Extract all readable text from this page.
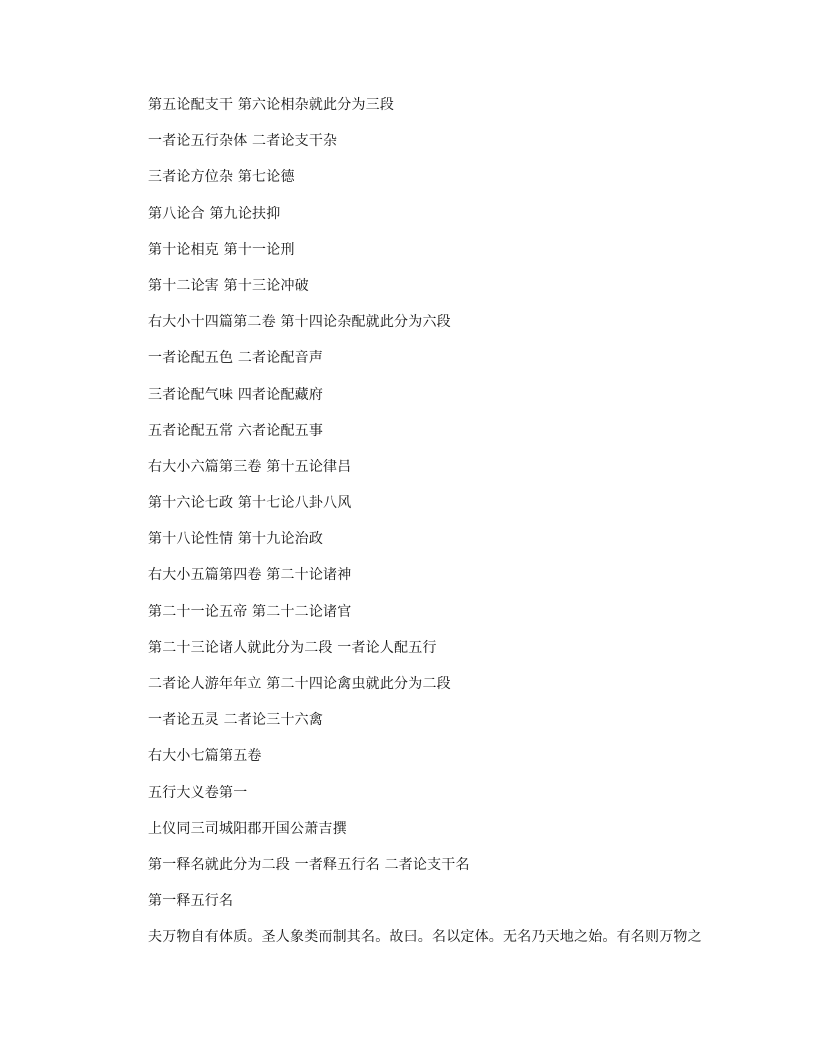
第五论配支干 第六论相杂就此分为三段
一者论五行杂体 二者论支干杂
三者论方位杂 第七论德
第八论合 第九论扶抑
第十论相克 第十一论刑
第十二论害 第十三论冲破
右大小十四篇第二卷 第十四论杂配就此分为六段
一者论配五色 二者论配音声
三者论配气味 四者论配藏府
五者论配五常 六者论配五事
右大小六篇第三卷 第十五论律吕
第十六论七政 第十七论八卦八风
第十八论性情 第十九论治政
右大小五篇第四卷 第二十论诸神
第二十一论五帝 第二十二论诸官
第二十三论诸人就此分为二段 一者论人配五行
二者论人游年年立 第二十四论禽虫就此分为二段
一者论五灵 二者论三十六禽
右大小七篇第五卷
五行大义卷第一
上仪同三司城阳郡开国公萧吉撰
第一释名就此分为二段 一者释五行名 二者论支干名
第一释五行名
夫万物自有体质。圣人象类而制其名。故曰。名以定体。无名乃天地之始。有名则万物之
